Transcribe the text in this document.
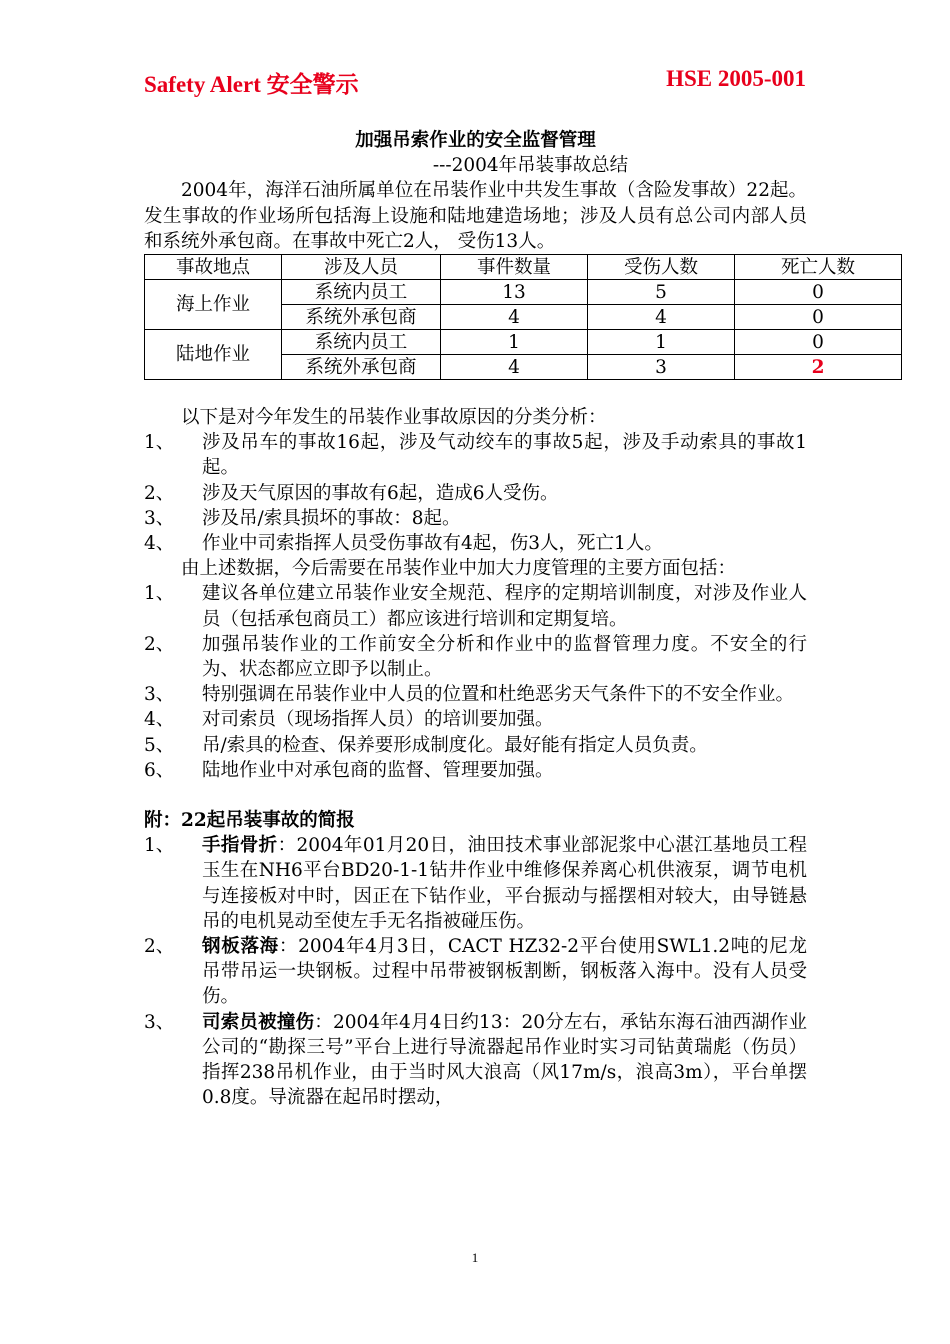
Safety Alert 安全警示	HSE 2005-001
加强吊索作业的安全监督管理
---2004年吊装事故总结
2004年，海洋石油所属单位在吊装作业中共发生事故（含险发事故）22起。发生事故的作业场所包括海上设施和陆地建造场地；涉及人员有总公司内部人员和系统外承包商。在事故中死亡2人， 受伤13人。
事故地点	涉及人员	事件数量	受伤人数	死亡人数
海上作业	系统内员工	13	5	0
	系统外承包商	4	4	0
陆地作业	系统内员工	1	1	0
	系统外承包商	4	3	2
以下是对今年发生的吊装作业事故原因的分类分析：
1、	涉及吊车的事故16起，涉及气动绞车的事故5起，涉及手动索具的事故1起。
2、	涉及天气原因的事故有6起，造成6人受伤。
3、	涉及吊/索具损坏的事故：8起。
4、	作业中司索指挥人员受伤事故有4起，伤3人，死亡1人。
由上述数据，今后需要在吊装作业中加大力度管理的主要方面包括：
1、	建议各单位建立吊装作业安全规范、程序的定期培训制度，对涉及作业人员（包括承包商员工）都应该进行培训和定期复培。
2、	加强吊装作业的工作前安全分析和作业中的监督管理力度。不安全的行为、状态都应立即予以制止。
3、	特别强调在吊装作业中人员的位置和杜绝恶劣天气条件下的不安全作业。
4、	对司索员（现场指挥人员）的培训要加强。
5、	吊/索具的检查、保养要形成制度化。最好能有指定人员负责。
6、	陆地作业中对承包商的监督、管理要加强。
附：22起吊装事故的简报
1、	手指骨折：2004年01月20日，油田技术事业部泥浆中心湛江基地员工程玉生在NH6平台BD20-1-1钻井作业中维修保养离心机供液泵，调节电机与连接板对中时，因正在下钻作业，平台振动与摇摆相对较大，由导链悬吊的电机晃动至使左手无名指被碰压伤。
2、	钢板落海：2004年4月3日，CACT HZ32-2平台使用SWL1.2吨的尼龙吊带吊运一块钢板。过程中吊带被钢板割断，钢板落入海中。没有人员受伤。
3、	司索员被撞伤：2004年4月4日约13：20分左右，承钻东海石油西湖作业公司的“勘探三号”平台上进行导流器起吊作业时实习司钻黄瑞彪（伤员）指挥238吊机作业，由于当时风大浪高（风17m/s，浪高3m），平台单摆0.8度。导流器在起吊时摆动，
1
